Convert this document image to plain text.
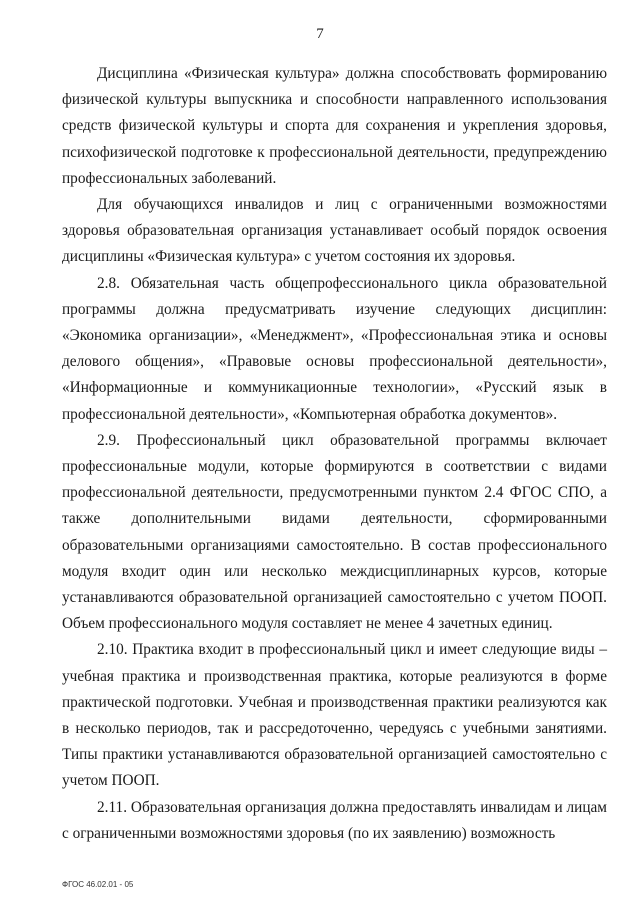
7

Дисциплина «Физическая культура» должна способствовать формированию физической культуры выпускника и способности направленного использования средств физической культуры и спорта для сохранения и укрепления здоровья, психофизической подготовке к профессиональной деятельности, предупреждению профессиональных заболеваний.

Для обучающихся инвалидов и лиц с ограниченными возможностями здоровья образовательная организация устанавливает особый порядок освоения дисциплины «Физическая культура» с учетом состояния их здоровья.

2.8. Обязательная часть общепрофессионального цикла образовательной программы должна предусматривать изучение следующих дисциплин: «Экономика организации», «Менеджмент», «Профессиональная этика и основы делового общения», «Правовые основы профессиональной деятельности», «Информационные и коммуникационные технологии», «Русский язык в профессиональной деятельности», «Компьютерная обработка документов».

2.9. Профессиональный цикл образовательной программы включает профессиональные модули, которые формируются в соответствии с видами профессиональной деятельности, предусмотренными пунктом 2.4 ФГОС СПО, а также дополнительными видами деятельности, сформированными образовательными организациями самостоятельно. В состав профессионального модуля входит один или несколько междисциплинарных курсов, которые устанавливаются образовательной организацией самостоятельно с учетом ПООП. Объем профессионального модуля составляет не менее 4 зачетных единиц.

2.10. Практика входит в профессиональный цикл и имеет следующие виды – учебная практика и производственная практика, которые реализуются в форме практической подготовки. Учебная и производственная практики реализуются как в несколько периодов, так и рассредоточенно, чередуясь с учебными занятиями. Типы практики устанавливаются образовательной организацией самостоятельно с учетом ПООП.

2.11. Образовательная организация должна предоставлять инвалидам и лицам с ограниченными возможностями здоровья (по их заявлению) возможность

ФГОС 46.02.01 - 05
